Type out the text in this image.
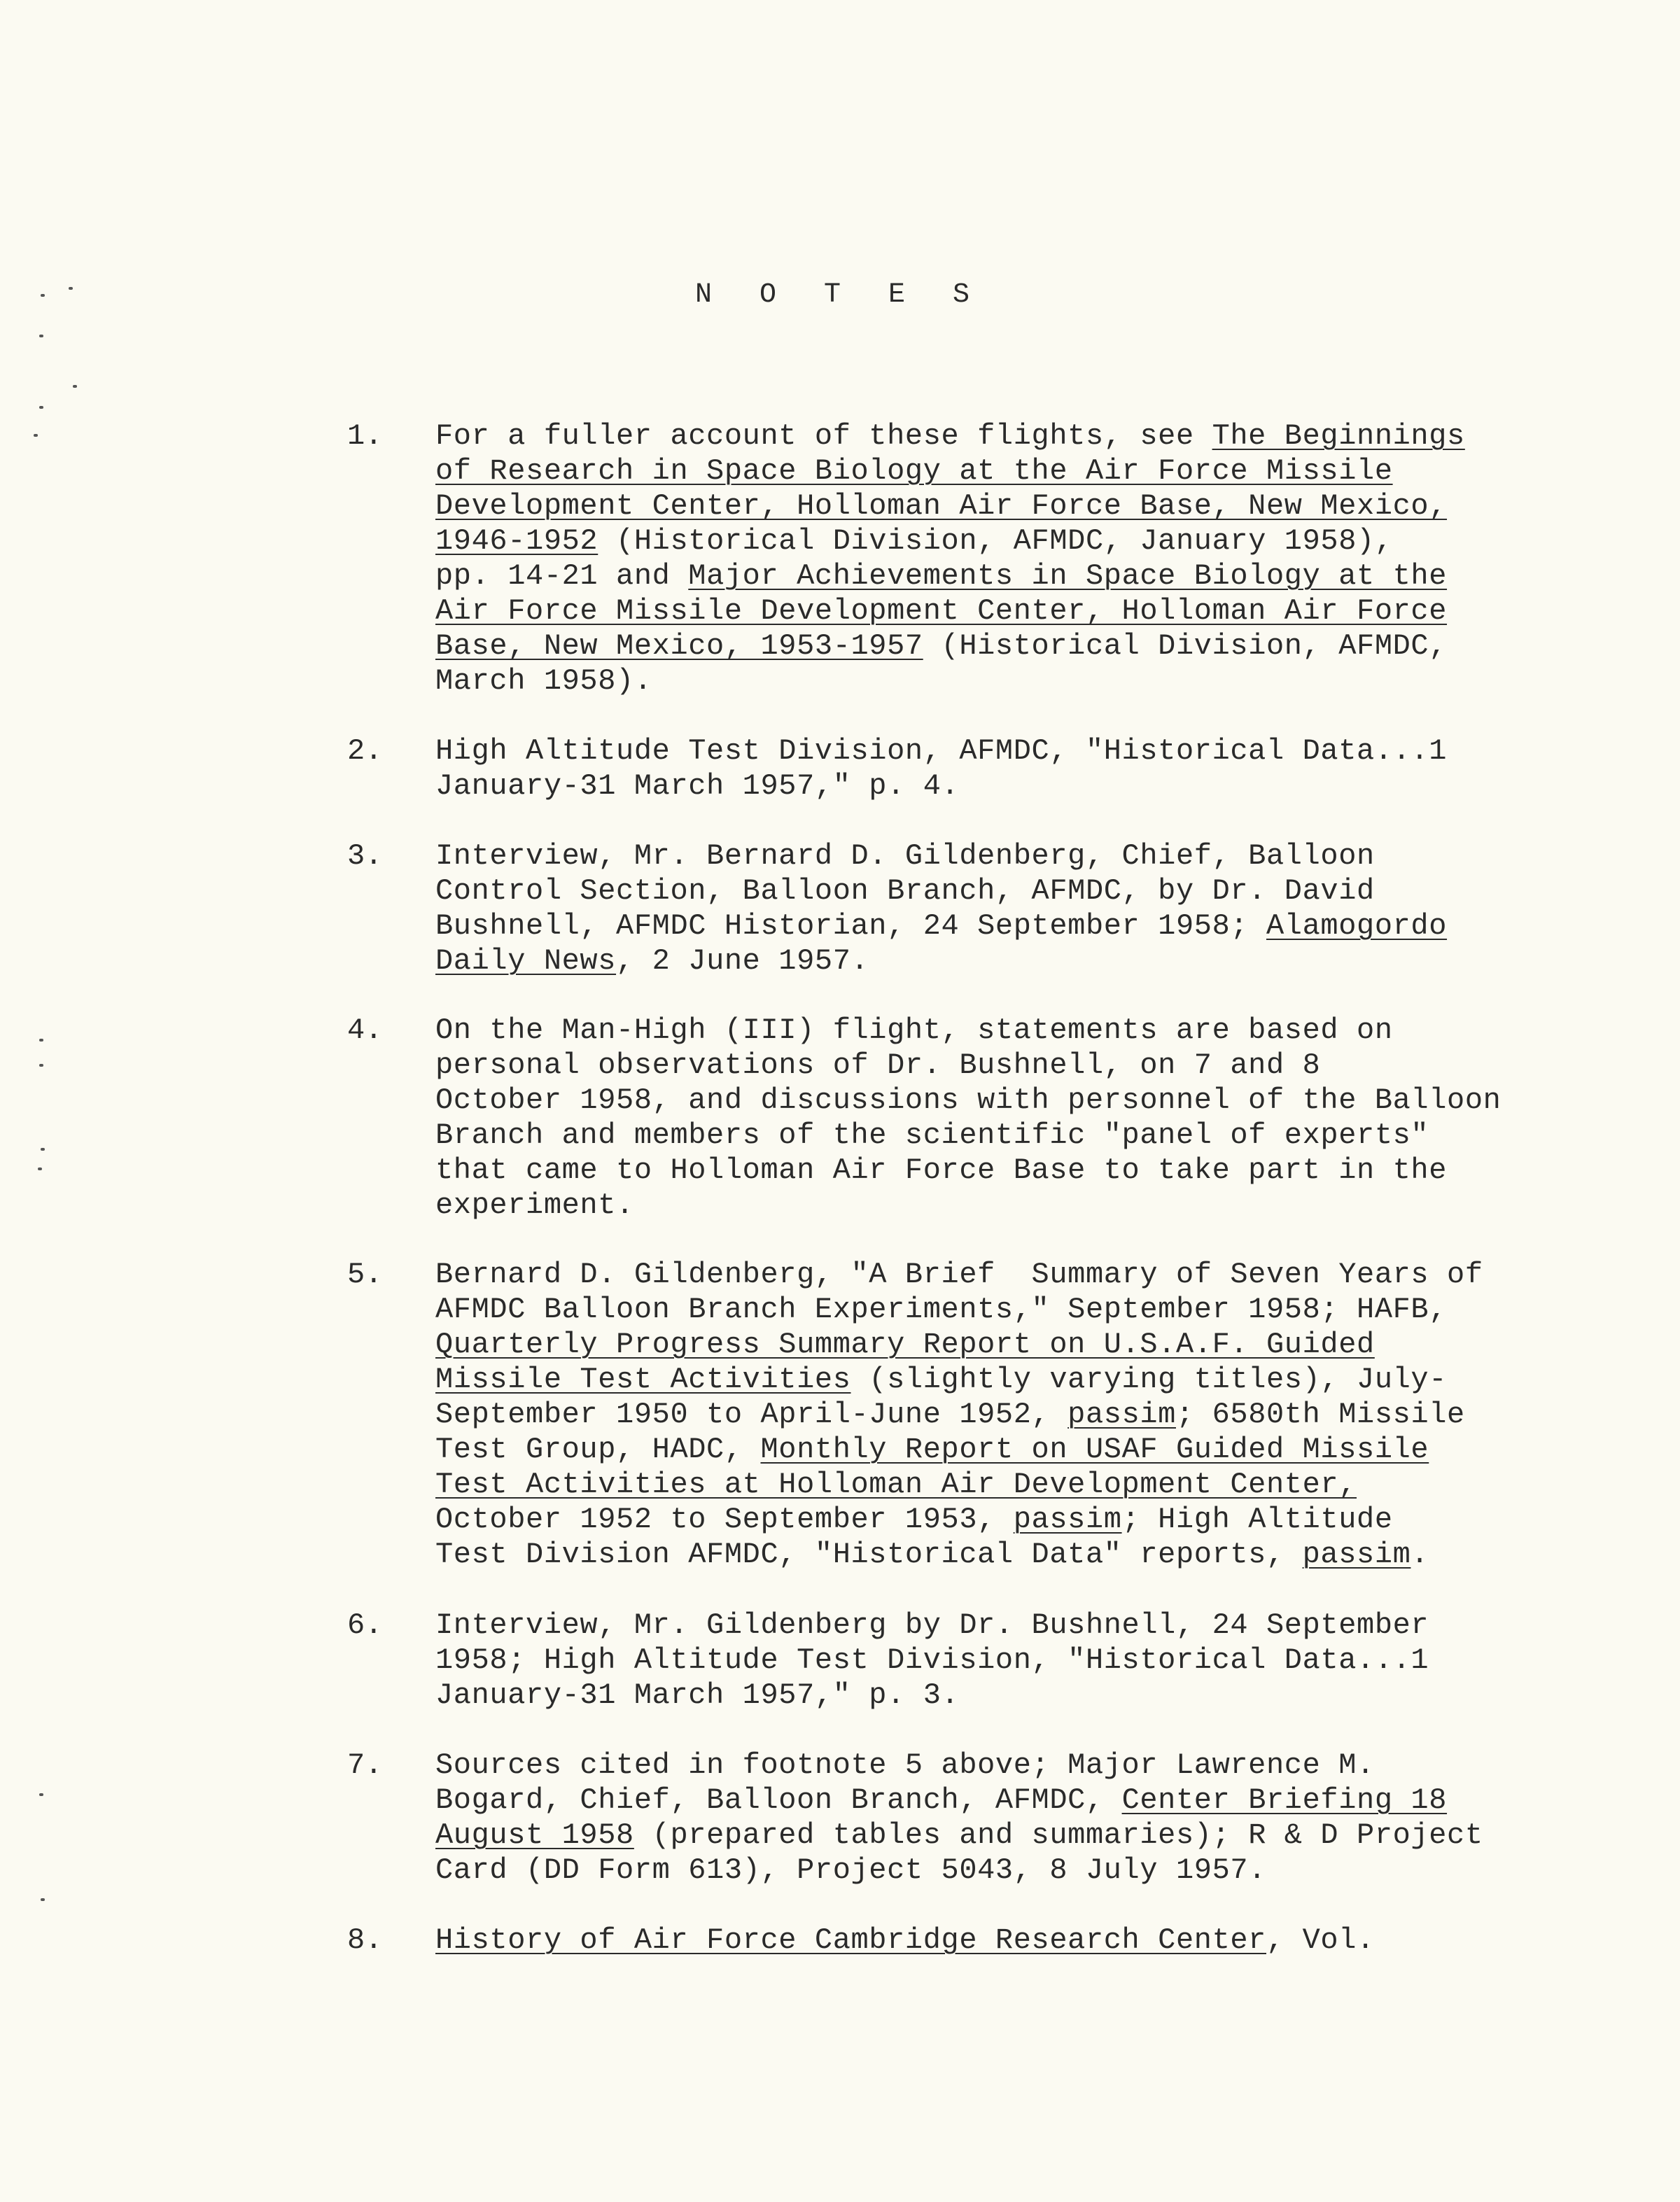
N O T E S
1. For a fuller account of these flights, see The Beginnings
of Research in Space Biology at the Air Force Missile
Development Center, Holloman Air Force Base, New Mexico,
1946-1952 (Historical Division, AFMDC, January 1958),
pp. 14-21 and Major Achievements in Space Biology at the
Air Force Missile Development Center, Holloman Air Force
Base, New Mexico, 1953-1957 (Historical Division, AFMDC,
March 1958).
2. High Altitude Test Division, AFMDC, "Historical Data...1
January-31 March 1957," p. 4.
3. Interview, Mr. Bernard D. Gildenberg, Chief, Balloon
Control Section, Balloon Branch, AFMDC, by Dr. David
Bushnell, AFMDC Historian, 24 September 1958; Alamogordo
Daily News, 2 June 1957.
4. On the Man-High (III) flight, statements are based on
personal observations of Dr. Bushnell, on 7 and 8
October 1958, and discussions with personnel of the Balloon
Branch and members of the scientific "panel of experts"
that came to Holloman Air Force Base to take part in the
experiment.
5. Bernard D. Gildenberg, "A Brief  Summary of Seven Years of
AFMDC Balloon Branch Experiments," September 1958; HAFB,
Quarterly Progress Summary Report on U.S.A.F. Guided
Missile Test Activities (slightly varying titles), July-
September 1950 to April-June 1952, passim; 6580th Missile
Test Group, HADC, Monthly Report on USAF Guided Missile
Test Activities at Holloman Air Development Center,
October 1952 to September 1953, passim; High Altitude
Test Division AFMDC, "Historical Data" reports, passim.
6. Interview, Mr. Gildenberg by Dr. Bushnell, 24 September
1958; High Altitude Test Division, "Historical Data...1
January-31 March 1957," p. 3.
7. Sources cited in footnote 5 above; Major Lawrence M.
Bogard, Chief, Balloon Branch, AFMDC, Center Briefing 18
August 1958 (prepared tables and summaries); R & D Project
Card (DD Form 613), Project 5043, 8 July 1957.
8. History of Air Force Cambridge Research Center, Vol.
